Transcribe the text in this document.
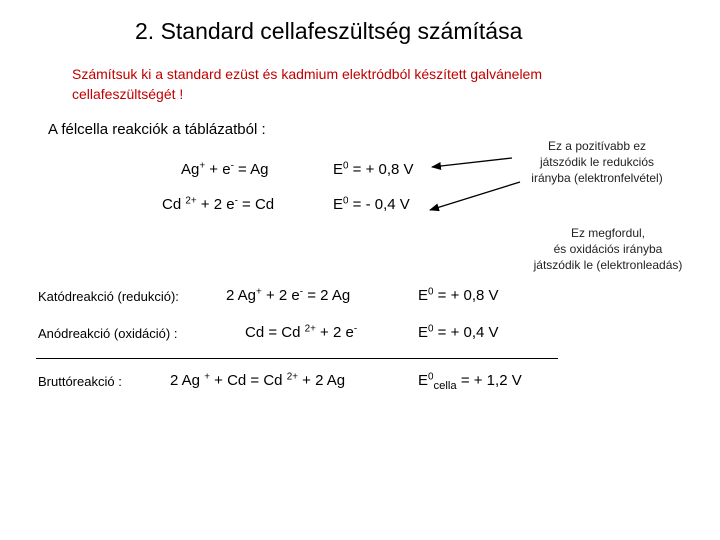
2. Standard cellafeszültség számítása
Számítsuk ki a standard ezüst és kadmium elektródból készített galvánelem
cellafeszültségét !
A félcella reakciók a táblázatból :
Ag+ + e- = Ag	$E^0$ = + 0,8 V
Cd $^{2+}$ + 2 e- = Cd	$E^0$ = - 0,4 V
Ez a pozitívabb ez
játszódik le redukciós
irányba (elektronfelvétel)
Ez megfordul,
és oxidációs irányba
játszódik le (elektronleadás)
Katódreakció (redukció):	2 Ag+ + 2 e- = 2 Ag	$E^0$ = + 0,8 V
Anódreakció (oxidáció) :	Cd = Cd $^{2+}$ + 2 e-	$E^0$ = + 0,4 V
Bruttóreakció :	2 Ag + + Cd = Cd $^{2+}$ + 2 Ag	$E^0_{cella}$ = + 1,2 V
